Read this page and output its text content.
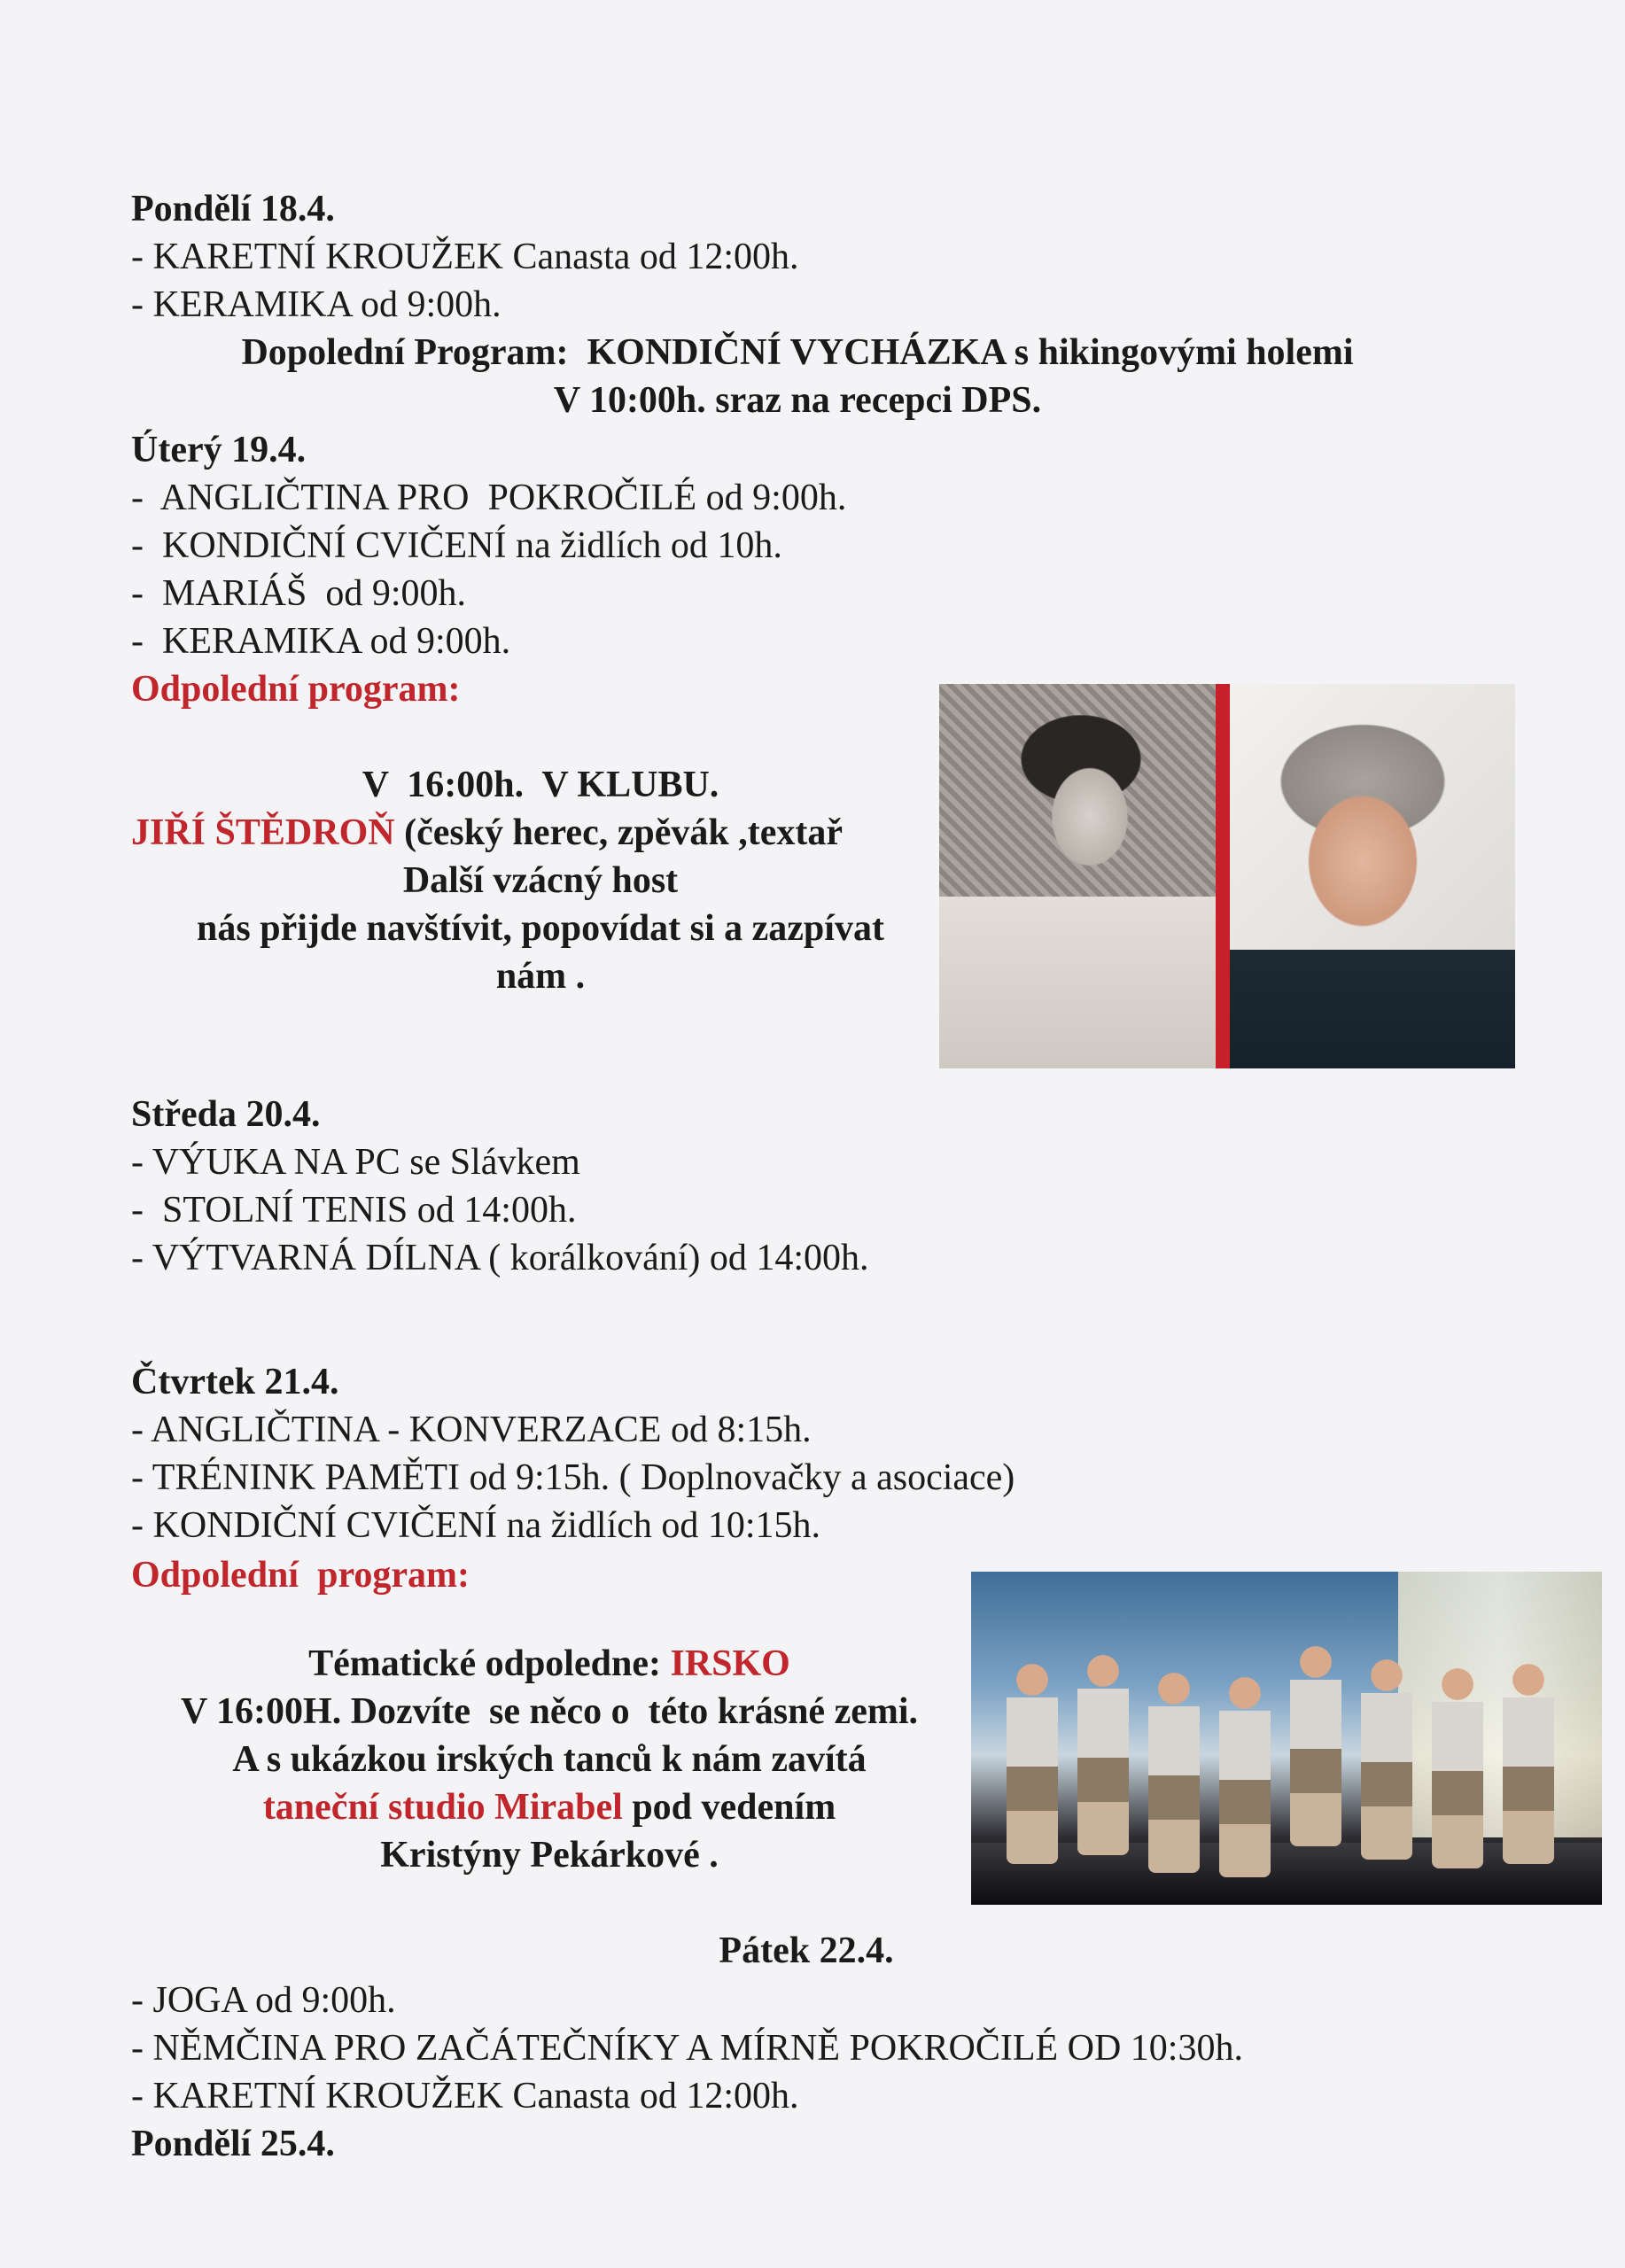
Pondělí 18.4.
- KARETNÍ KROUŽEK Canasta od 12:00h.
- KERAMIKA od 9:00h.
Dopolední Program: KONDIČNÍ VYCHÁZKA s hikingovými holemi
V 10:00h. sraz na recepci DPS.
Úterý 19.4.
-  ANGLIČTINA PRO  POKROČILÉ od 9:00h.
-  KONDIČNÍ CVIČENÍ na židlích od 10h.
-  MARIÁŠ  od 9:00h.
-  KERAMIKA od 9:00h.
Odpolední program:
V  16:00h.  V KLUBU.
JIŘÍ ŠTĚDROŇ (český herec, zpěvák ,textař
Další vzácný host
nás přijde navštívit, popovídat si a zazpívat
nám .
Středa 20.4.
- VÝUKA NA PC se Slávkem
-  STOLNÍ TENIS od 14:00h.
- VÝTVARNÁ DÍLNA ( korálkování) od 14:00h.
Čtvrtek 21.4.
- ANGLIČTINA - KONVERZACE od 8:15h.
- TRÉNINK PAMĚTI od 9:15h. ( Doplnovačky a asociace)
- KONDIČNÍ CVIČENÍ na židlích od 10:15h.
Odpolední  program:
Tématické odpoledne: IRSKO
V 16:00H. Dozvíte  se něco o  této krásné zemi.
A s ukázkou irských tanců k nám zavítá
taneční studio Mirabel pod vedením
Kristýny Pekárkové .
Pátek 22.4.
- JOGA od 9:00h.
- NĚMČINA PRO ZAČÁTEČNÍKY A MÍRNĚ POKROČILÉ OD 10:30h.
- KARETNÍ KROUŽEK Canasta od 12:00h.
Pondělí 25.4.
